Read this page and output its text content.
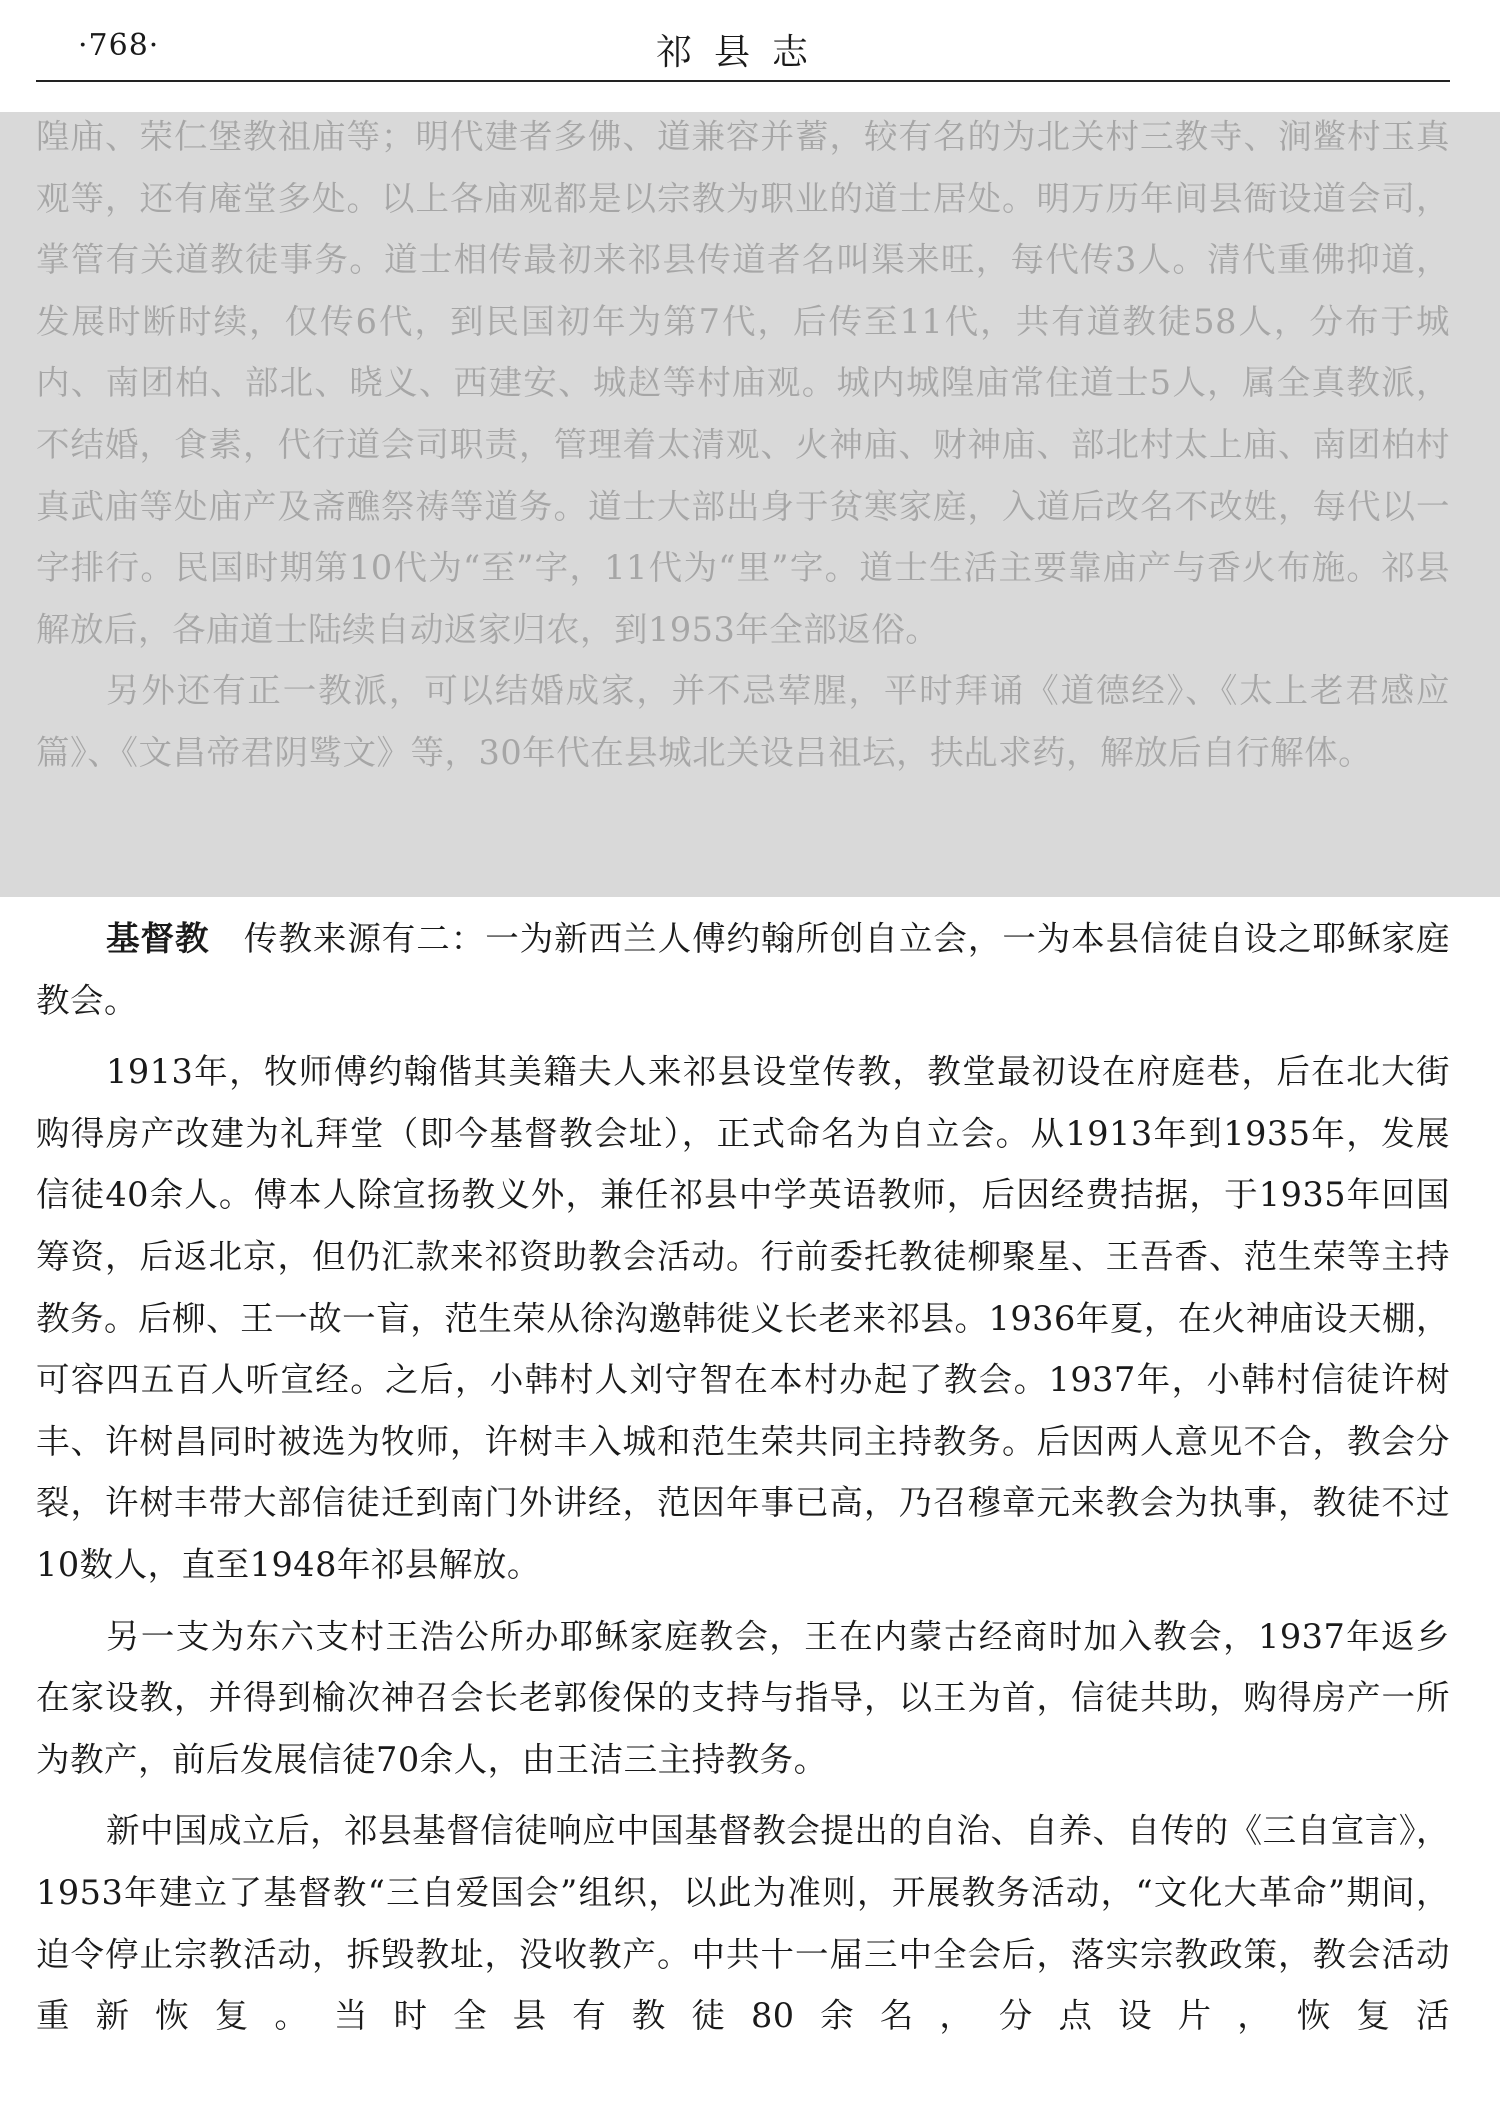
·768·	祁县志

隍庙、荣仁堡教祖庙等；明代建者多佛、道兼容并蓄，较有名的为北关村三教寺、涧鳖村玉真观等，还有庵堂多处。以上各庙观都是以宗教为职业的道士居处。明万历年间县衙设道会司，掌管有关道教徒事务。道士相传最初来祁县传道者名叫渠来旺，每代传3人。清代重佛抑道，发展时断时续，仅传6代，到民国初年为第7代，后传至11代，共有道教徒58人，分布于城内、南团柏、部北、晓义、西建安、城赵等村庙观。城内城隍庙常住道士5人，属全真教派，不结婚，食素，代行道会司职责，管理着太清观、火神庙、财神庙、部北村太上庙、南团柏村真武庙等处庙产及斋醮祭祷等道务。道士大部出身于贫寒家庭，入道后改名不改姓，每代以一字排行。民国时期第10代为“至”字，11代为“里”字。道士生活主要靠庙产与香火布施。祁县解放后，各庙道士陆续自动返家归农，到1953年全部返俗。

另外还有正一教派，可以结婚成家，并不忌荤腥，平时拜诵《道德经》、《太上老君感应篇》、《文昌帝君阴骘文》等，30年代在县城北关设吕祖坛，扶乩求药，解放后自行解体。

基督教　 传教来源有二：一为新西兰人傅约翰所创自立会，一为本县信徒自设之耶稣家庭教会。

1913年，牧师傅约翰偕其美籍夫人来祁县设堂传教，教堂最初设在府庭巷，后在北大街购得房产改建为礼拜堂（即今基督教会址），正式命名为自立会。从1913年到1935年，发展信徒40余人。傅本人除宣扬教义外，兼任祁县中学英语教师，后因经费拮据，于1935年回国筹资，后返北京，但仍汇款来祁资助教会活动。行前委托教徒柳聚星、王吾香、范生荣等主持教务。后柳、王一故一盲，范生荣从徐沟邀韩徙义长老来祁县。1936年夏，在火神庙设天棚，可容四五百人听宣经。之后，小韩村人刘守智在本村办起了教会。1937年，小韩村信徒许树丰、许树昌同时被选为牧师，许树丰入城和范生荣共同主持教务。后因两人意见不合，教会分裂，许树丰带大部信徒迁到南门外讲经，范因年事已高，乃召穆章元来教会为执事，教徒不过10数人，直至1948年祁县解放。

另一支为东六支村王浩公所办耶稣家庭教会，王在内蒙古经商时加入教会，1937年返乡在家设教，并得到榆次神召会长老郭俊保的支持与指导，以王为首，信徒共助，购得房产一所为教产，前后发展信徒70余人，由王洁三主持教务。

新中国成立后，祁县基督信徒响应中国基督教会提出的自治、自养、自传的《三自宣言》，1953年建立了基督教“三自爱国会”组织，以此为准则，开展教务活动，“文化大革命”期间，迫令停止宗教活动，拆毁教址，没收教产。中共十一届三中全会后，落实宗教政策，教会活动重新恢复。当时全县有教徒80余名，分点设片，恢复活
